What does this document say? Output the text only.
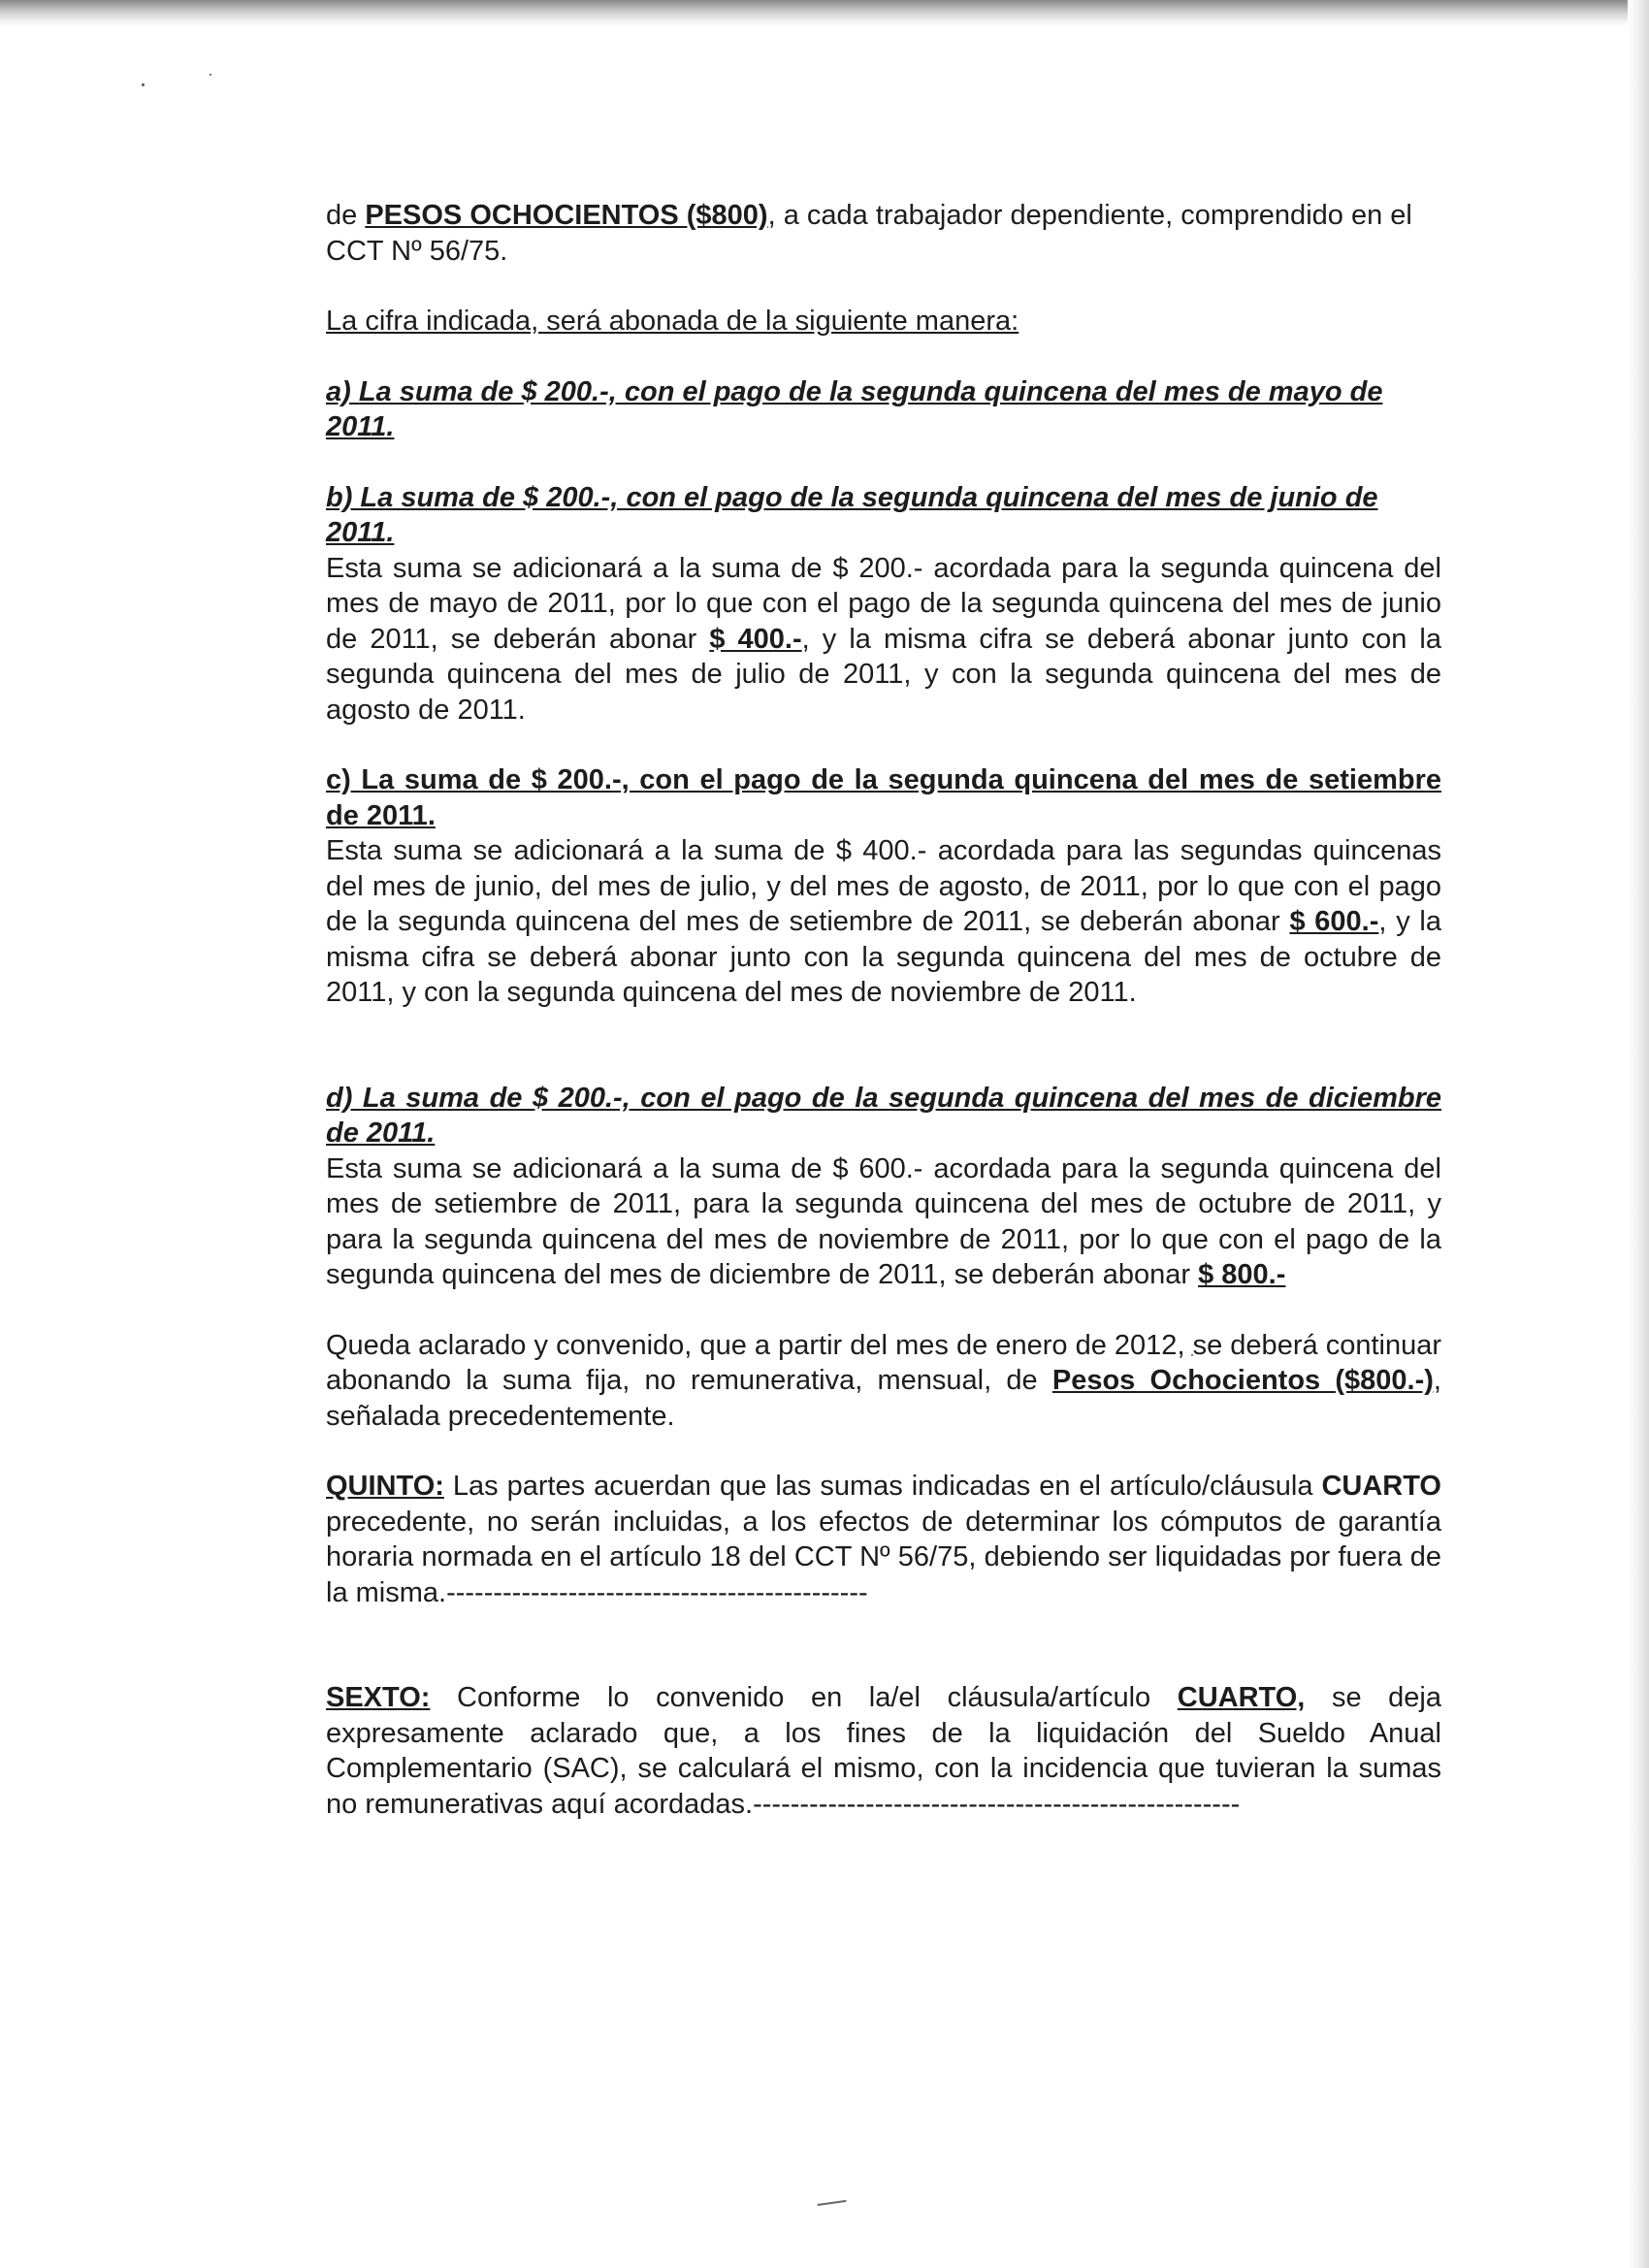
de PESOS OCHOCIENTOS ($800), a cada trabajador dependiente, comprendido en el CCT Nº 56/75.

La cifra indicada, será abonada de la siguiente manera:

a) La suma de $ 200.-, con el pago de la segunda quincena del mes de mayo de 2011.

b) La suma de $ 200.-, con el pago de la segunda quincena del mes de junio de 2011.

Esta suma se adicionará a la suma de $ 200.- acordada para la segunda quincena del mes de mayo de 2011, por lo que con el pago de la segunda quincena del mes de junio de 2011, se deberán abonar $ 400.-, y la misma cifra se deberá abonar junto con la segunda quincena del mes de julio de 2011, y con la segunda quincena del mes de agosto de 2011.

c) La suma de $ 200.-, con el pago de la segunda quincena del mes de setiembre de 2011.

Esta suma se adicionará a la suma de $ 400.- acordada para las segundas quincenas del mes de junio, del mes de julio, y del mes de agosto, de 2011, por lo que con el pago de la segunda quincena del mes de setiembre de 2011, se deberán abonar $ 600.-, y la misma cifra se deberá abonar junto con la segunda quincena del mes de octubre de 2011, y con la segunda quincena del mes de noviembre de 2011.

d) La suma de $ 200.-, con el pago de la segunda quincena del mes de diciembre de 2011.

Esta suma se adicionará a la suma de $ 600.- acordada para la segunda quincena del mes de setiembre de 2011, para la segunda quincena del mes de octubre de 2011, y para la segunda quincena del mes de noviembre de 2011, por lo que con el pago de la segunda quincena del mes de diciembre de 2011, se deberán abonar $ 800.-

Queda aclarado y convenido, que a partir del mes de enero de 2012, se deberá continuar abonando la suma fija, no remunerativa, mensual, de Pesos Ochocientos ($800.-), señalada precedentemente.

QUINTO: Las partes acuerdan que las sumas indicadas en el artículo/cláusula CUARTO precedente, no serán incluidas, a los efectos de determinar los cómputos de garantía horaria normada en el artículo 18 del CCT Nº 56/75, debiendo ser liquidadas por fuera de la misma.---------------------------------------------

SEXTO: Conforme lo convenido en la/el cláusula/artículo CUARTO, se deja expresamente aclarado que, a los fines de la liquidación del Sueldo Anual Complementario (SAC), se calculará el mismo, con la incidencia que tuvieran la sumas no remunerativas aquí acordadas.----------------------------------------------------
